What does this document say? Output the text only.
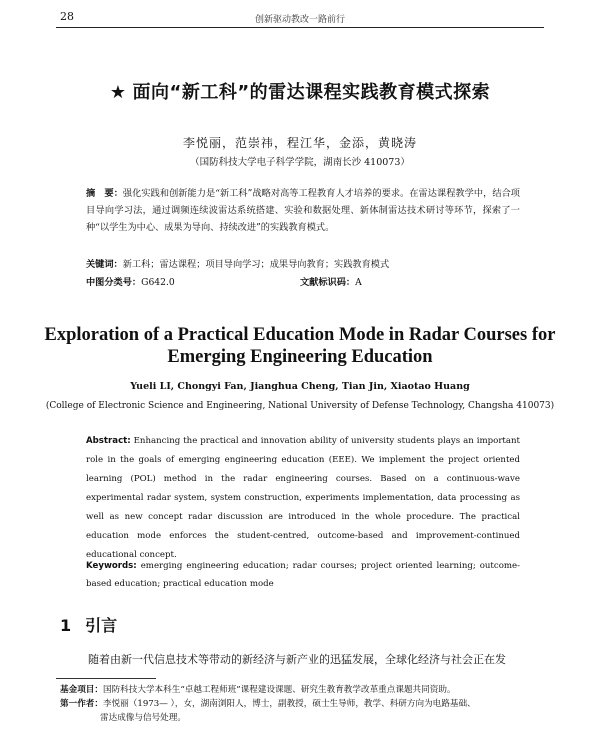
28	创新驱动教改一路前行
★ 面向“新工科”的雷达课程实践教育模式探索
李悦丽，范崇祎，程江华，金添，黄晓涛
（国防科技大学电子科学学院，湖南长沙 410073）
摘　要：强化实践和创新能力是“新工科”战略对高等工程教育人才培养的要求。在雷达课程教学中，结合项目导向学习法，通过调频连续波雷达系统搭建、实验和数据处理、新体制雷达技术研讨等环节，探索了一种“以学生为中心、成果为导向、持续改进”的实践教育模式。
关键词：新工科；雷达课程；项目导向学习；成果导向教育；实践教育模式
中图分类号：G642.0	文献标识码：A
Exploration of a Practical Education Mode in Radar Courses for
Emerging Engineering Education
Yueli LI, Chongyi Fan, Jianghua Cheng, Tian Jin, Xiaotao Huang
(College of Electronic Science and Engineering, National University of Defense Technology, Changsha 410073)
Abstract: Enhancing the practical and innovation ability of university students plays an important role in the goals of emerging engineering education (EEE). We implement the project oriented learning (POL) method in the radar engineering courses. Based on a continuous-wave experimental radar system, system construction, experiments implementation, data processing as well as new concept radar discussion are introduced in the whole procedure. The practical education mode enforces the student-centred, outcome-based and improvement-continued educational concept.
Keywords: emerging engineering education; radar courses; project oriented learning; outcome-based education; practical education mode
1 引言
随着由新一代信息技术等带动的新经济与新产业的迅猛发展，全球化经济与社会正在发
基金项目：国防科技大学本科生“卓越工程师班”课程建设课题、研究生教育教学改革重点课题共同资助。
第一作者：李悦丽（1973— ），女，湖南浏阳人，博士，副教授，硕士生导师，教学、科研方向为电路基础、
雷达成像与信号处理。
